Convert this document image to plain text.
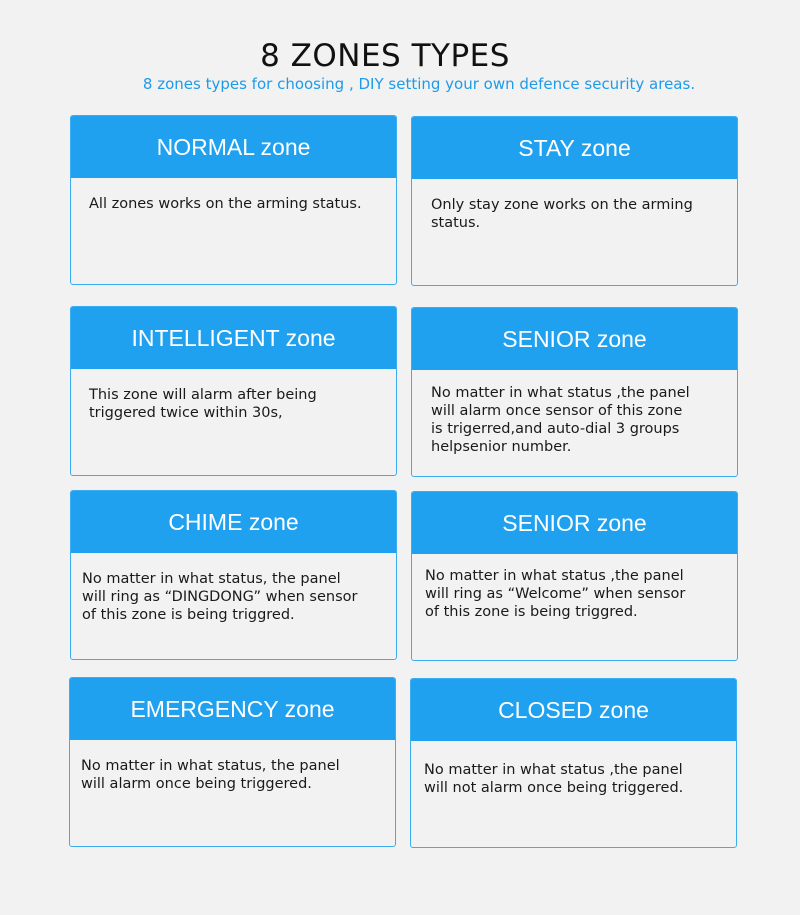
8 ZONES TYPES

8 zones types for choosing , DIY setting your own defence security areas.

NORMAL zone
All zones works on the arming status.
STAY zone
Only stay zone works on the arming
status.
INTELLIGENT zone
This zone will alarm after being
triggered twice within 30s,
SENIOR zone
No matter in what status ,the panel
will alarm once sensor of this zone
is trigerred,and auto-dial 3 groups
helpsenior number.
CHIME zone
No matter in what status, the panel
will ring as “DINGDONG” when sensor
of this zone is being triggred.
SENIOR zone
No matter in what status ,the panel
will ring as “Welcome” when sensor
of this zone is being triggred.
EMERGENCY zone
No matter in what status, the panel
will alarm once being triggered.
CLOSED zone
No matter in what status ,the panel
will not alarm once being triggered.
